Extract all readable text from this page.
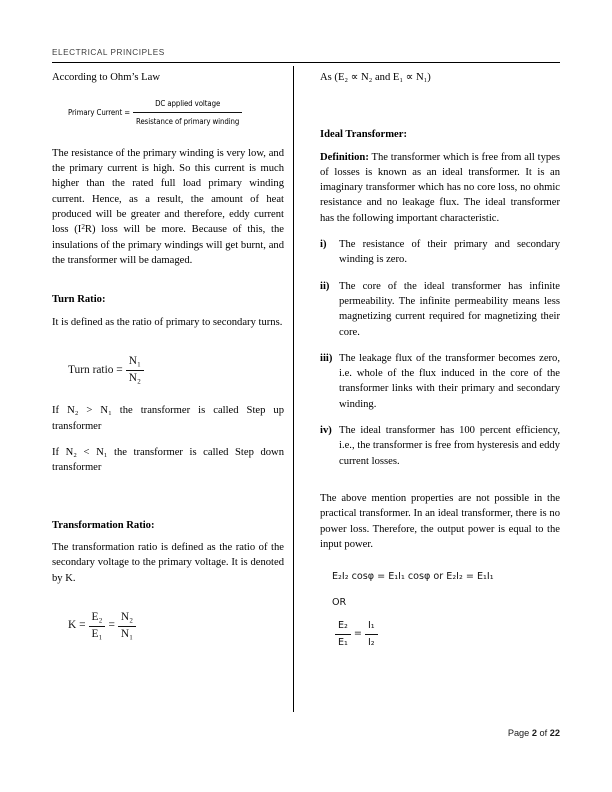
ELECTRICAL PRINCIPLES

According to Ohm’s Law

Primary Current = $\frac{\text{DC applied voltage}}{\text{Resistance of primary winding}}$

The resistance of the primary winding is very low, and the primary current is high. So this current is much higher than the rated full load primary winding current. Hence, as a result, the amount of heat produced will be greater and therefore, eddy current loss $(I^2R)$ loss will be more. Because of this, the insulations of the primary windings will get burnt, and the transformer will be damaged.

Turn Ratio:

It is defined as the ratio of primary to secondary turns.

Turn ratio = $\frac{\text{N₁}}{\text{N₂}}$

If N₂ > N₁ the transformer is called Step up transformer

If N₂ < N₁ the transformer is called Step down transformer

Transformation Ratio:

The transformation ratio is defined as the ratio of the secondary voltage to the primary voltage. It is denoted by K.

$K = \frac{\text{E₂}}{\text{E₁}} = \frac{\text{N₂}}{\text{N₁}}$

As (E₂ ∝ N₂ and E₁ ∝ N₁)

Ideal Transformer:

Definition: The transformer which is free from all types of losses is known as an ideal transformer. It is an imaginary transformer which has no core loss, no ohmic resistance and no leakage flux. The ideal transformer has the following important characteristic.

i)	The resistance of their primary and secondary winding is zero.
ii) The core of the ideal transformer has infinite permeability. The infinite permeability means less magnetizing current required for magnetizing their core.
iii) The leakage flux of the transformer becomes zero, i.e. whole of the flux induced in the core of the transformer links with their primary and secondary winding.
iv) The ideal transformer has 100 percent efficiency, i.e., the transformer is free from hysteresis and eddy current losses.

The above mention properties are not possible in the practical transformer. In an ideal transformer, there is no power loss. Therefore, the output power is equal to the input power.

E₂I₂ cosφ = E₁I₁ cosφ or E₂I₂ = E₁I₁
OR
$\frac{\text{E₂}}{\text{E₁}} = \frac{\text{I₁}}{\text{I₂}}$
Page 2 of 22
